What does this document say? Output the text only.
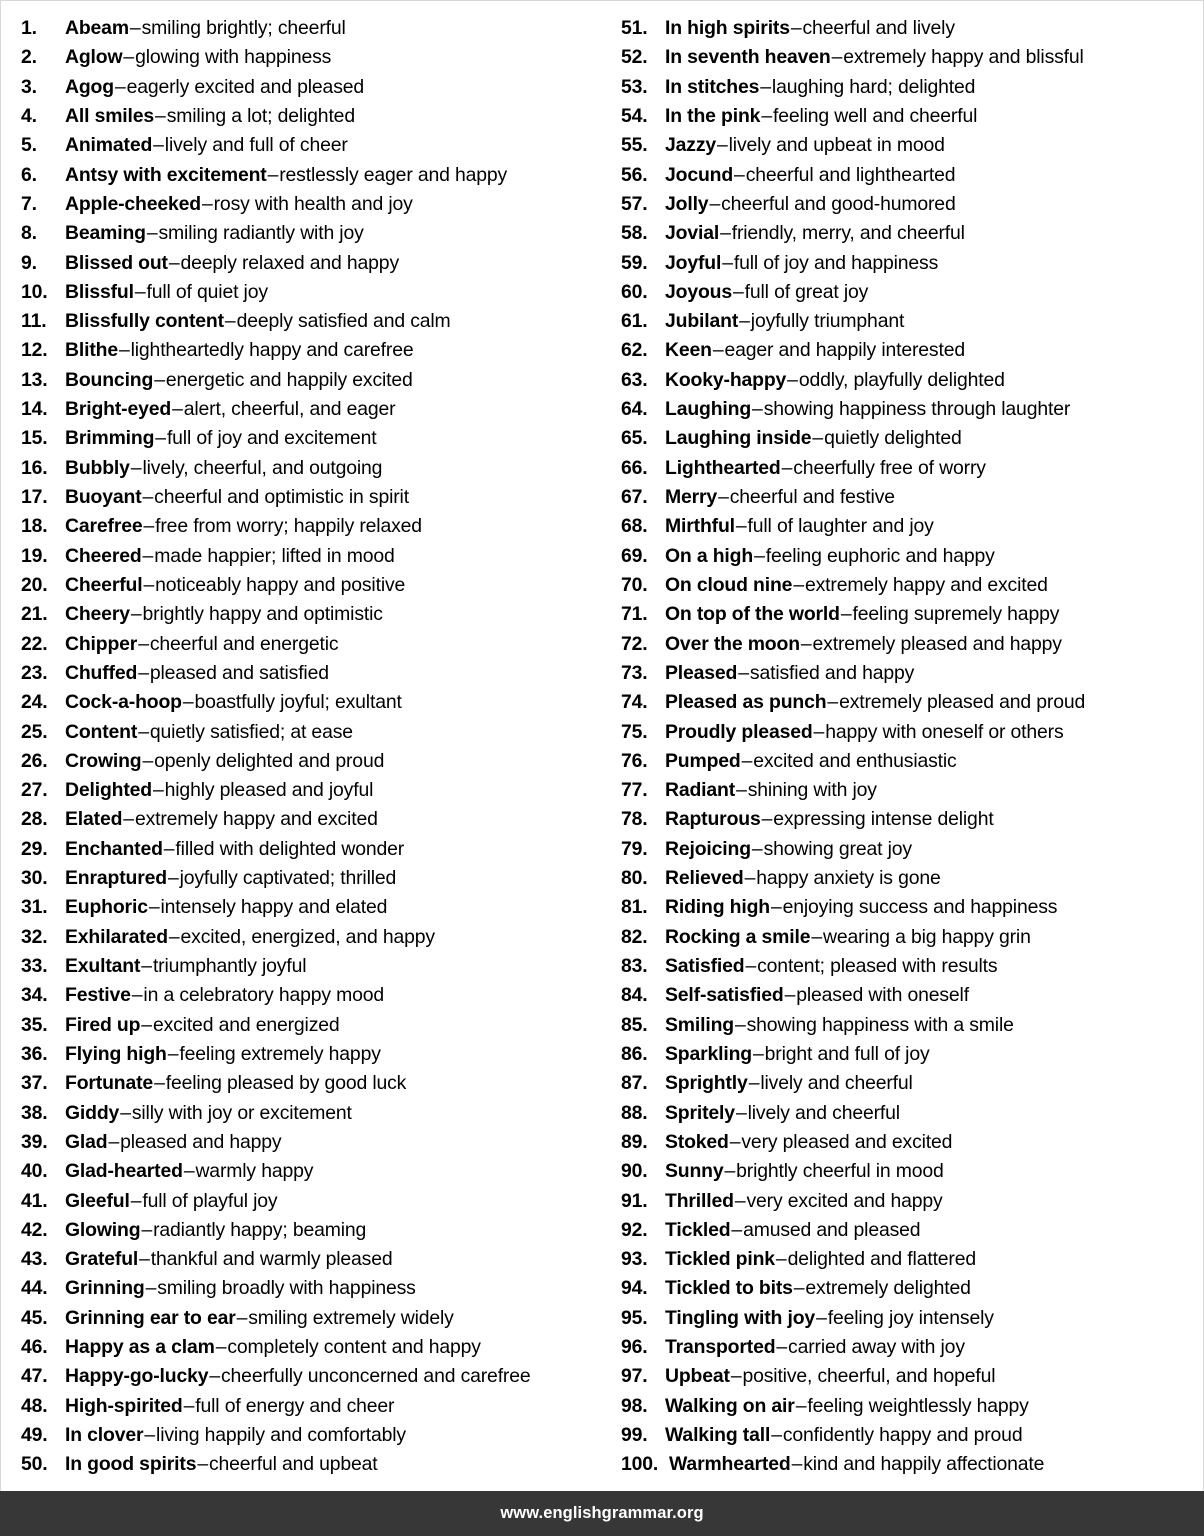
1.	Abeam – smiling brightly; cheerful
2.	Aglow – glowing with happiness
3.	Agog – eagerly excited and pleased
4.	All smiles – smiling a lot; delighted
5.	Animated – lively and full of cheer
6.	Antsy with excitement – restlessly eager and happy
7.	Apple-cheeked – rosy with health and joy
8.	Beaming – smiling radiantly with joy
9.	Blissed out – deeply relaxed and happy
10. Blissful – full of quiet joy
11. Blissfully content – deeply satisfied and calm
12. Blithe – lightheartedly happy and carefree
13. Bouncing – energetic and happily excited
14. Bright-eyed – alert, cheerful, and eager
15. Brimming – full of joy and excitement
16. Bubbly – lively, cheerful, and outgoing
17. Buoyant – cheerful and optimistic in spirit
18. Carefree – free from worry; happily relaxed
19. Cheered – made happier; lifted in mood
20. Cheerful – noticeably happy and positive
21. Cheery – brightly happy and optimistic
22. Chipper – cheerful and energetic
23. Chuffed – pleased and satisfied
24. Cock-a-hoop – boastfully joyful; exultant
25. Content – quietly satisfied; at ease
26. Crowing – openly delighted and proud
27. Delighted – highly pleased and joyful
28. Elated – extremely happy and excited
29. Enchanted – filled with delighted wonder
30. Enraptured – joyfully captivated; thrilled
31. Euphoric – intensely happy and elated
32. Exhilarated – excited, energized, and happy
33. Exultant – triumphantly joyful
34. Festive – in a celebratory happy mood
35. Fired up – excited and energized
36. Flying high – feeling extremely happy
37. Fortunate – feeling pleased by good luck
38. Giddy – silly with joy or excitement
39. Glad – pleased and happy
40. Glad-hearted – warmly happy
41. Gleeful – full of playful joy
42. Glowing – radiantly happy; beaming
43. Grateful – thankful and warmly pleased
44. Grinning – smiling broadly with happiness
45. Grinning ear to ear – smiling extremely widely
46. Happy as a clam – completely content and happy
47. Happy-go-lucky – cheerfully unconcerned and carefree
48. High-spirited – full of energy and cheer
49. In clover – living happily and comfortably
50. In good spirits – cheerful and upbeat
51. In high spirits – cheerful and lively
52. In seventh heaven – extremely happy and blissful
53. In stitches – laughing hard; delighted
54. In the pink – feeling well and cheerful
55. Jazzy – lively and upbeat in mood
56. Jocund – cheerful and lighthearted
57. Jolly – cheerful and good-humored
58. Jovial – friendly, merry, and cheerful
59. Joyful – full of joy and happiness
60. Joyous – full of great joy
61. Jubilant – joyfully triumphant
62. Keen – eager and happily interested
63. Kooky-happy – oddly, playfully delighted
64. Laughing – showing happiness through laughter
65. Laughing inside – quietly delighted
66. Lighthearted – cheerfully free of worry
67. Merry – cheerful and festive
68. Mirthful – full of laughter and joy
69. On a high – feeling euphoric and happy
70. On cloud nine – extremely happy and excited
71. On top of the world – feeling supremely happy
72. Over the moon – extremely pleased and happy
73. Pleased – satisfied and happy
74. Pleased as punch – extremely pleased and proud
75. Proudly pleased – happy with oneself or others
76. Pumped – excited and enthusiastic
77. Radiant – shining with joy
78. Rapturous – expressing intense delight
79. Rejoicing – showing great joy
80. Relieved – happy anxiety is gone
81. Riding high – enjoying success and happiness
82. Rocking a smile – wearing a big happy grin
83. Satisfied – content; pleased with results
84. Self-satisfied – pleased with oneself
85. Smiling – showing happiness with a smile
86. Sparkling – bright and full of joy
87. Sprightly – lively and cheerful
88. Spritely – lively and cheerful
89. Stoked – very pleased and excited
90. Sunny – brightly cheerful in mood
91. Thrilled – very excited and happy
92. Tickled – amused and pleased
93. Tickled pink – delighted and flattered
94. Tickled to bits – extremely delighted
95. Tingling with joy – feeling joy intensely
96. Transported – carried away with joy
97. Upbeat – positive, cheerful, and hopeful
98. Walking on air – feeling weightlessly happy
99. Walking tall – confidently happy and proud
100. Warmhearted – kind and happily affectionate
www.englishgrammar.org
